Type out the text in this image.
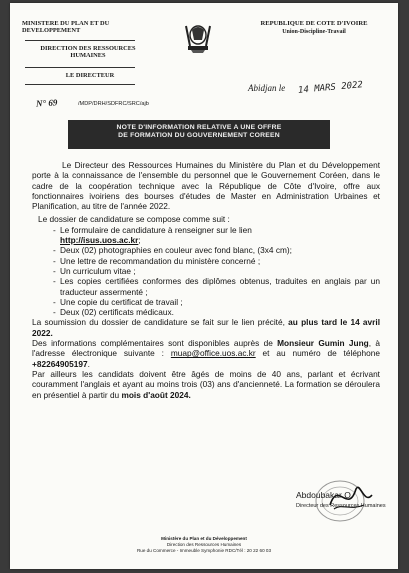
MINISTERE DU PLAN ET DU DEVELOPPEMENT
DIRECTION DES RESSOURCES HUMAINES
LE DIRECTEUR
REPUBLIQUE DE COTE D'IVOIRE
Union-Discipline-Travail
Abidjan le 14 MARS 2022
N° 69	/MDP/DRH/SDFRC/SRC/ajb
NOTE D'INFORMATION RELATIVE A UNE OFFRE
DE FORMATION DU GOUVERNEMENT COREEN

Le Directeur des Ressources Humaines du Ministère du Plan et du Développement porte à la connaissance de l'ensemble du personnel que le Gouvernement Coréen, dans le cadre de la coopération technique avec la République de Côte d'Ivoire, offre aux fonctionnaires ivoiriens des bourses d'études de Master en Administration Urbaines et Planification, au titre de l'année 2022.

Le dossier de candidature se compose comme suit :

- Le formulaire de candidature à renseigner sur le lien
http://isus.uos.ac.kr;
- Deux (02) photographies en couleur avec fond blanc, (3x4 cm);
- Une lettre de recommandation du ministère concerné ;
- Un curriculum vitae ;
- Les copies certifiées conformes des diplômes obtenus, traduites en anglais par un traducteur assermenté ;
- Une copie du certificat de travail ;
- Deux (02) certificats médicaux.

La soumission du dossier de candidature se fait sur le lien précité, au plus tard le 14 avril 2022.

Des informations complémentaires sont disponibles auprès de Monsieur Gumin Jung, à l'adresse électronique suivante : muap@office.uos.ac.kr et au numéro de téléphone +82264905197.

Par ailleurs les candidats doivent être âgés de moins de 40 ans, parlant et écrivant couramment l'anglais et ayant au moins trois (03) ans d'ancienneté. La formation se déroulera en présentiel à partir du mois d'août 2024.

Abdoubakar O
Directeur des Ressources Humaines
Ministère du Plan et du Développement
Direction des Ressources Humaines
Rue du Commerce - Immeuble Symphonie RDC/Tél : 20 22 60 03
